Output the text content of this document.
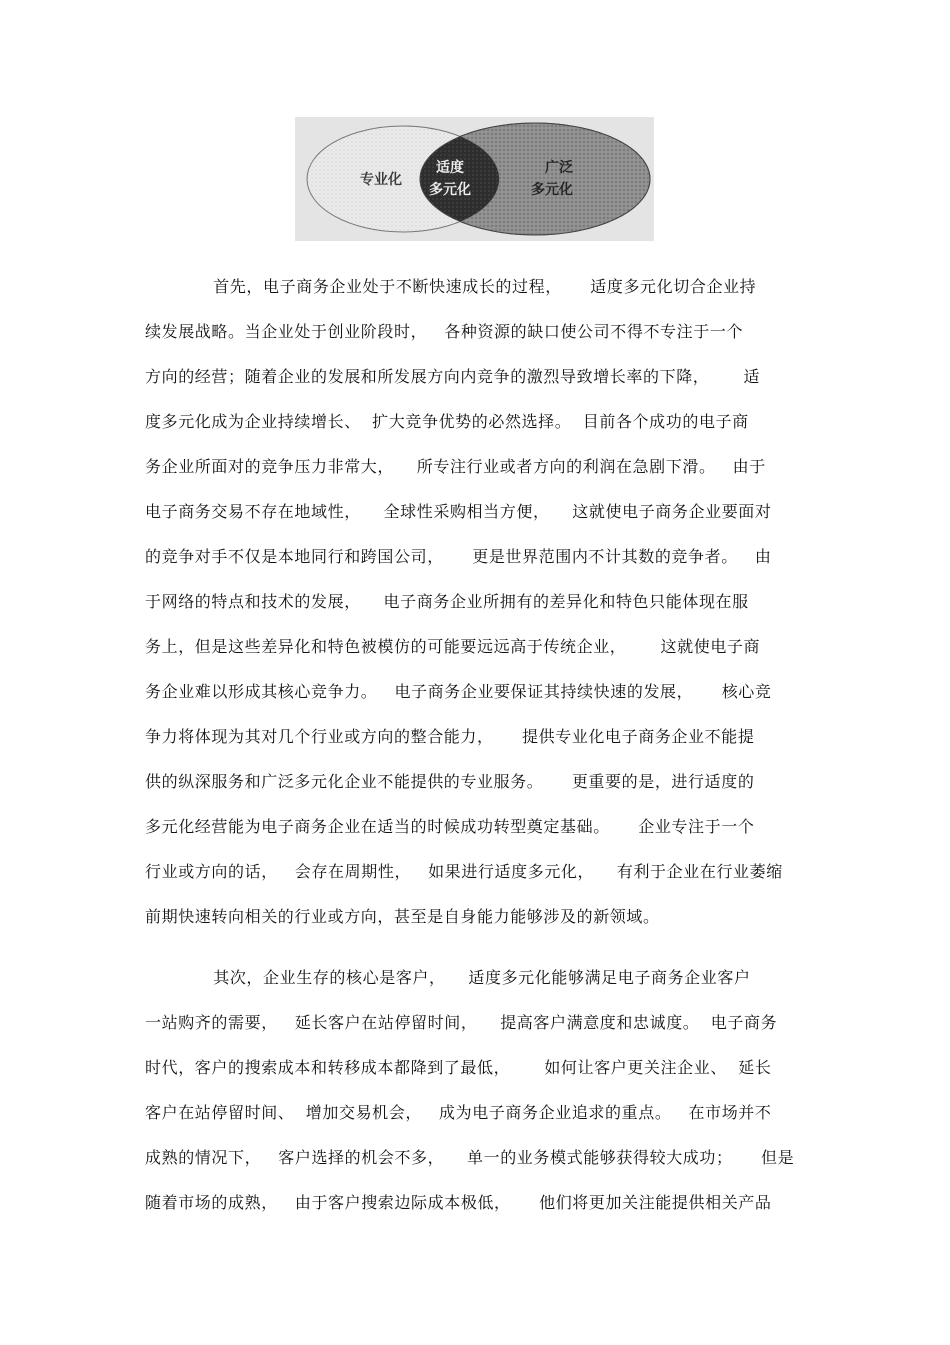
专业化
适度
多元化
广泛
多元化
首先，电子商务企业处于不断快速成长的过程，     适度多元化切合企业持
续发展战略。当企业处于创业阶段时，   各种资源的缺口使公司不得不专注于一个
方向的经营；随着企业的发展和所发展方向内竞争的激烈导致增长率的下降，      适
度多元化成为企业持续增长、  扩大竞争优势的必然选择。  目前各个成功的电子商
务企业所面对的竞争压力非常大，    所专注行业或者方向的利润在急剧下滑。   由于
电子商务交易不存在地域性，    全球性采购相当方便，    这就使电子商务企业要面对
的竞争对手不仅是本地同行和跨国公司，     更是世界范围内不计其数的竞争者。   由
于网络的特点和技术的发展，    电子商务企业所拥有的差异化和特色只能体现在服
务上，但是这些差异化和特色被模仿的可能要远远高于传统企业，      这就使电子商
务企业难以形成其核心竞争力。   电子商务企业要保证其持续快速的发展，     核心竞
争力将体现为其对几个行业或方向的整合能力，     提供专业化电子商务企业不能提
供的纵深服务和广泛多元化企业不能提供的专业服务。     更重要的是，进行适度的
多元化经营能为电子商务企业在适当的时候成功转型奠定基础。     企业专注于一个
行业或方向的话，   会存在周期性，   如果进行适度多元化，    有利于企业在行业萎缩
前期快速转向相关的行业或方向，甚至是自身能力能够涉及的新领域。
其次，企业生存的核心是客户，    适度多元化能够满足电子商务企业客户
一站购齐的需要，   延长客户在站停留时间，    提高客户满意度和忠诚度。  电子商务
时代，客户的搜索成本和转移成本都降到了最低，      如何让客户更关注企业、  延长
客户在站停留时间、  增加交易机会，   成为电子商务企业追求的重点。   在市场并不
成熟的情况下，   客户选择的机会不多，    单一的业务模式能够获得较大成功；     但是
随着市场的成熟，   由于客户搜索边际成本极低，     他们将更加关注能提供相关产品
